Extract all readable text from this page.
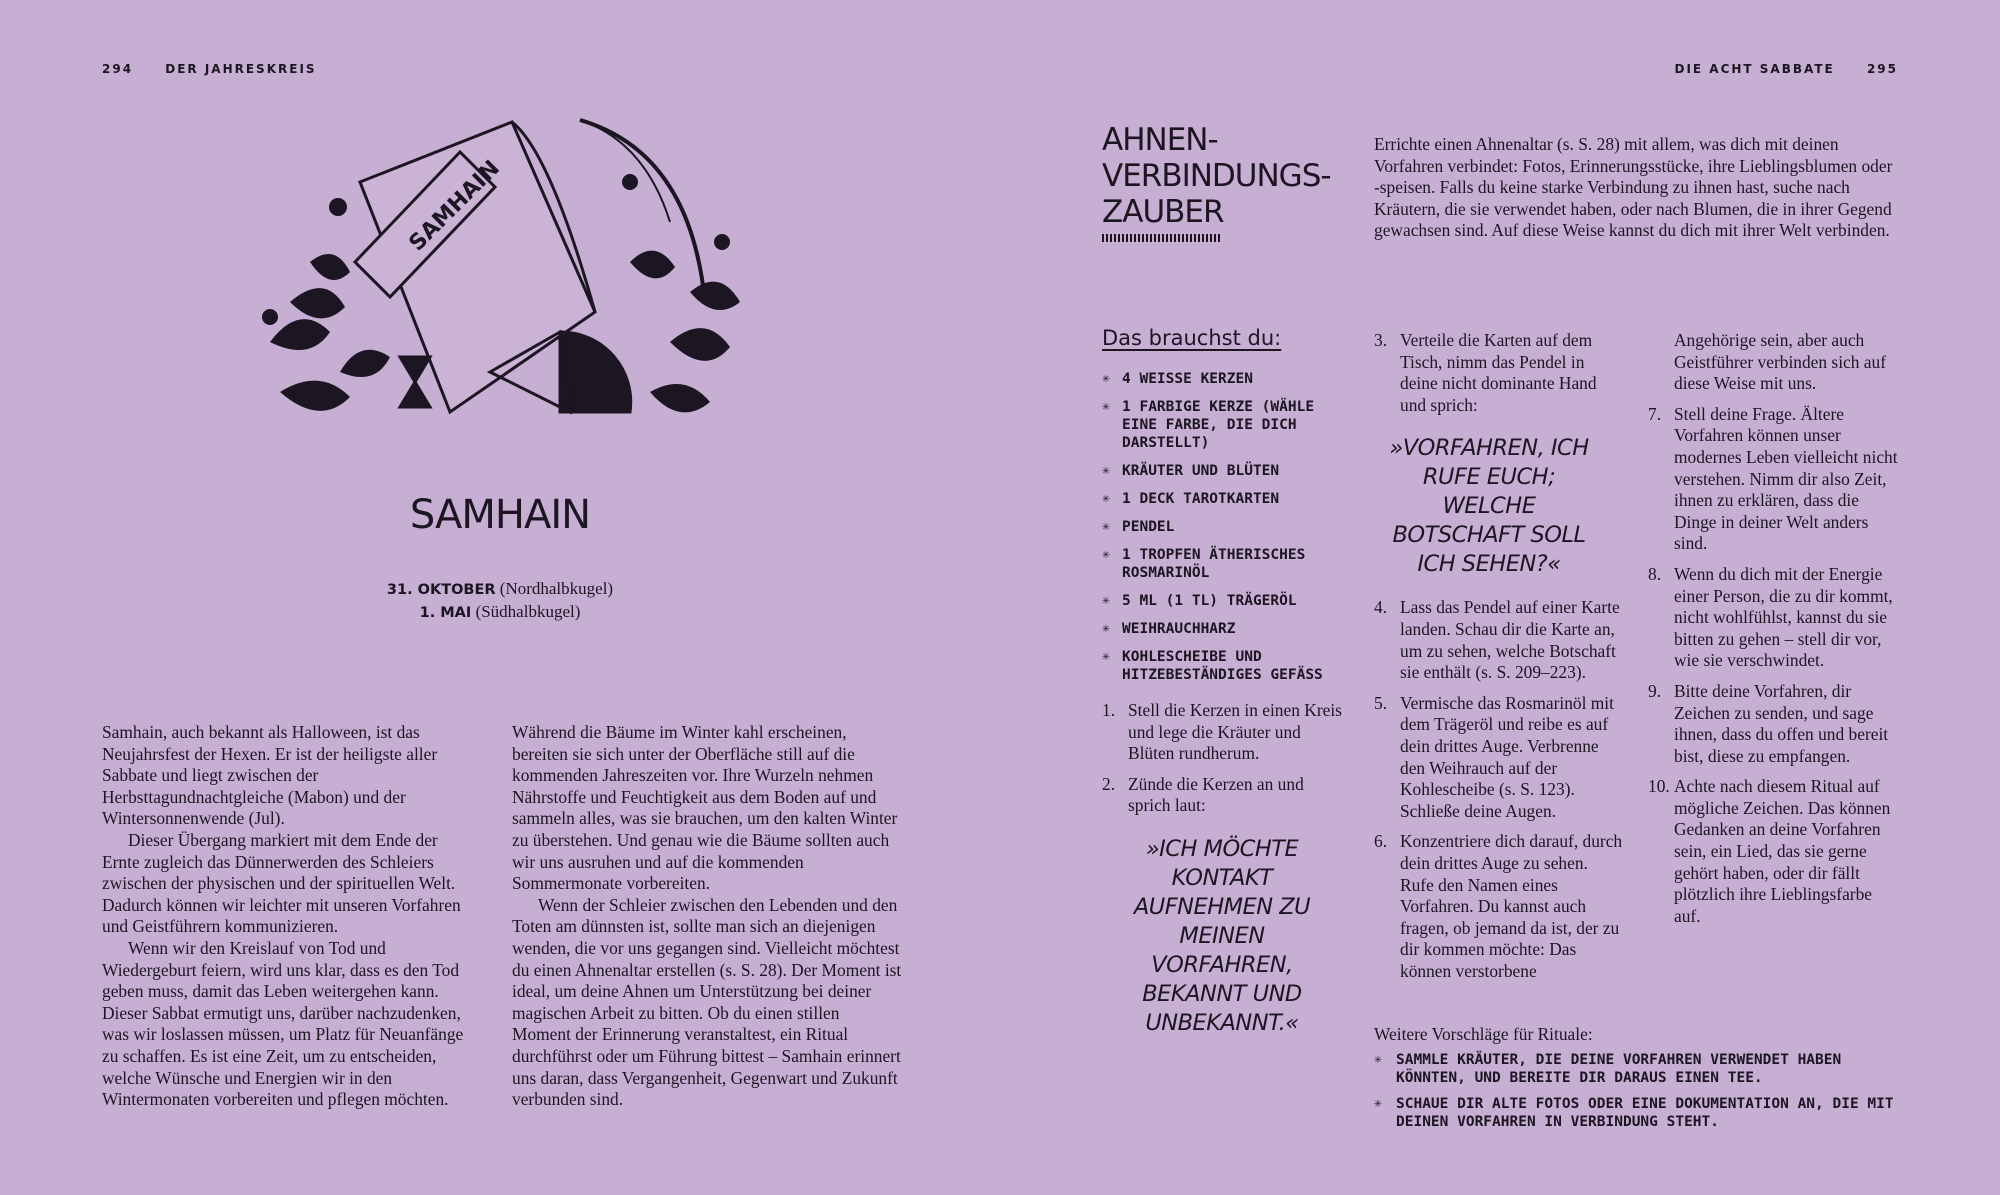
294	DER JAHRESKREIS
SAMHAIN
SAMHAIN
31. OKTOBER (Nordhalbkugel)
1. MAI (Südhalbkugel)

Samhain, auch bekannt als Halloween, ist das Neujahrsfest der Hexen. Er ist der heiligste aller Sabbate und liegt zwischen der Herbsttagundnachtgleiche (Mabon) und der Wintersonnenwende (Jul).

Dieser Übergang markiert mit dem Ende der Ernte zugleich das Dünnerwerden des Schleiers zwischen der physischen und der spirituellen Welt. Dadurch können wir leichter mit unseren Vorfahren und Geistführern kommunizieren.

Wenn wir den Kreislauf von Tod und Wiedergeburt feiern, wird uns klar, dass es den Tod geben muss, damit das Leben weitergehen kann. Dieser Sabbat ermutigt uns, darüber nachzudenken, was wir loslassen müssen, um Platz für Neuanfänge zu schaffen. Es ist eine Zeit, um zu entscheiden, welche Wünsche und Energien wir in den Wintermonaten vorbereiten und pflegen möchten.

Während die Bäume im Winter kahl erscheinen, bereiten sie sich unter der Oberfläche still auf die kommenden Jahreszeiten vor. Ihre Wurzeln nehmen Nährstoffe und Feuchtigkeit aus dem Boden auf und sammeln alles, was sie brauchen, um den kalten Winter zu überstehen. Und genau wie die Bäume sollten auch wir uns ausruhen und auf die kommenden Sommermonate vorbereiten.

Wenn der Schleier zwischen den Lebenden und den Toten am dünnsten ist, sollte man sich an diejenigen wenden, die vor uns gegangen sind. Vielleicht möchtest du einen Ahnenaltar erstellen (s. S. 28). Der Moment ist ideal, um deine Ahnen um Unterstützung bei deiner magischen Arbeit zu bitten. Ob du einen stillen Moment der Erinnerung veranstaltest, ein Ritual durchführst oder um Führung bittest – Samhain erinnert uns daran, dass Vergangenheit, Gegenwart und Zukunft verbunden sind.

DIE ACHT SABBATE	295
AHNEN-
VERBINDUNGS-
ZAUBER
Errichte einen Ahnenaltar (s. S. 28) mit allem, was dich mit deinen Vorfahren verbindet: Fotos, Erinnerungsstücke, ihre Lieblingsblumen oder -speisen. Falls du keine starke Verbindung zu ihnen hast, suche nach Kräutern, die sie verwendet haben, oder nach Blumen, die in ihrer Gegend gewachsen sind. Auf diese Weise kannst du dich mit ihrer Welt verbinden.
Das brauchst du:
✳ 4 WEISSE KERZEN
✳ 1 FARBIGE KERZE (WÄHLE EINE FARBE, DIE DICH DARSTELLT)
✳ KRÄUTER UND BLÜTEN
✳ 1 DECK TAROTKARTEN
✳ PENDEL
✳ 1 TROPFEN ÄTHERISCHES ROSMARINÖL
✳ 5 ML (1 TL) TRÄGERÖL
✳ WEIHRAUCHHARZ
✳ KOHLESCHEIBE UND HITZEBESTÄNDIGES GEFÄSS
1. Stell die Kerzen in einen Kreis und lege die Kräuter und Blüten rundherum.
2. Zünde die Kerzen an und sprich laut:
»ICH MÖCHTE KONTAKT AUFNEHMEN ZU MEINEN VORFAHREN, BEKANNT UND UNBEKANNT.«
3. Verteile die Karten auf dem Tisch, nimm das Pendel in deine nicht dominante Hand und sprich:
»VORFAHREN, ICH RUFE EUCH; WELCHE BOTSCHAFT SOLL ICH SEHEN?«
4. Lass das Pendel auf einer Karte landen. Schau dir die Karte an, um zu sehen, welche Botschaft sie enthält (s. S. 209–223).
5. Vermische das Rosmarinöl mit dem Trägeröl und reibe es auf dein drittes Auge. Verbrenne den Weihrauch auf der Kohlescheibe (s. S. 123). Schließe deine Augen.
6. Konzentriere dich darauf, durch dein drittes Auge zu sehen. Rufe den Namen eines Vorfahren. Du kannst auch fragen, ob jemand da ist, der zu dir kommen möchte: Das können verstorbene
Angehörige sein, aber auch Geistführer verbinden sich auf diese Weise mit uns.
7. Stell deine Frage. Ältere Vorfahren können unser modernes Leben vielleicht nicht verstehen. Nimm dir also Zeit, ihnen zu erklären, dass die Dinge in deiner Welt anders sind.
8. Wenn du dich mit der Energie einer Person, die zu dir kommt, nicht wohlfühlst, kannst du sie bitten zu gehen – stell dir vor, wie sie verschwindet.
9. Bitte deine Vorfahren, dir Zeichen zu senden, und sage ihnen, dass du offen und bereit bist, diese zu empfangen.
10. Achte nach diesem Ritual auf mögliche Zeichen. Das können Gedanken an deine Vorfahren sein, ein Lied, das sie gerne gehört haben, oder dir fällt plötzlich ihre Lieblingsfarbe auf.
Weitere Vorschläge für Rituale:
✳ SAMMLE KRÄUTER, DIE DEINE VORFAHREN VERWENDET HABEN KÖNNTEN, UND BEREITE DIR DARAUS EINEN TEE.
✳ SCHAUE DIR ALTE FOTOS ODER EINE DOKUMENTATION AN, DIE MIT DEINEN VORFAHREN IN VERBINDUNG STEHT.
